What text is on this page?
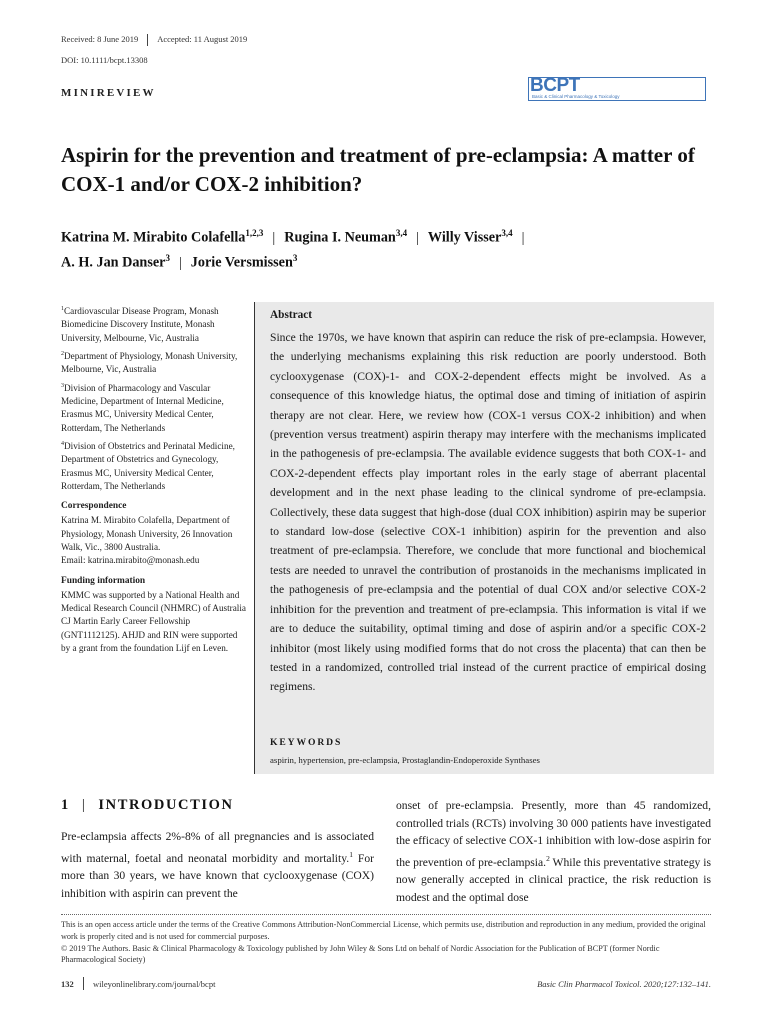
Received: 8 June 2019 Accepted: 11 August 2019
DOI: 10.1111/bcpt.13308
MINIREVIEW	BCPT
Basic & Clinical Pharmacology & Toxicology
Aspirin for the prevention and treatment of pre-eclampsia: A matter of COX-1 and/or COX-2 inhibition?
Katrina M. Mirabito Colafella$^{1,2,3}$ | Rugina I. Neuman$^{3,4}$ | Willy Visser$^{3,4}$ |
A. H. Jan Danser$^3$ | Jorie Versmissen$^3$

$^1$Cardiovascular Disease Program, Monash Biomedicine Discovery Institute, Monash University, Melbourne, Vic, Australia

$^2$Department of Physiology, Monash University, Melbourne, Vic, Australia

$^3$Division of Pharmacology and Vascular Medicine, Department of Internal Medicine, Erasmus MC, University Medical Center, Rotterdam, The Netherlands

$^4$Division of Obstetrics and Perinatal Medicine, Department of Obstetrics and Gynecology, Erasmus MC, University Medical Center, Rotterdam, The Netherlands

Correspondence

Katrina M. Mirabito Colafella, Department of Physiology, Monash University, 26 Innovation Walk, Vic., 3800 Australia.
Email: katrina.mirabito@monash.edu

Funding information

KMMC was supported by a National Health and Medical Research Council (NHMRC) of Australia CJ Martin Early Career Fellowship (GNT1112125). AHJD and RIN were supported by a grant from the foundation Lijf en Leven.

Abstract

Since the 1970s, we have known that aspirin can reduce the risk of pre-eclampsia. However, the underlying mechanisms explaining this risk reduction are poorly understood. Both cyclooxygenase (COX)-1- and COX-2-dependent effects might be involved. As a consequence of this knowledge hiatus, the optimal dose and timing of initiation of aspirin therapy are not clear. Here, we review how (COX-1 versus COX-2 inhibition) and when (prevention versus treatment) aspirin therapy may interfere with the mechanisms implicated in the pathogenesis of pre-eclampsia. The available evidence suggests that both COX-1- and COX-2-dependent effects play important roles in the early stage of aberrant placental development and in the next phase leading to the clinical syndrome of pre-eclampsia. Collectively, these data suggest that high-dose (dual COX inhibition) aspirin may be superior to standard low-dose (selective COX-1 inhibition) aspirin for the prevention and also treatment of pre-eclampsia. Therefore, we conclude that more functional and biochemical tests are needed to unravel the contribution of prostanoids in the mechanisms implicated in the pathogenesis of pre-eclampsia and the potential of dual COX and/or selective COX-2 inhibition for the prevention and treatment of pre-eclampsia. This information is vital if we are to deduce the suitability, optimal timing and dose of aspirin and/or a specific COX-2 inhibitor (most likely using modified forms that do not cross the placenta) that can then be tested in a randomized, controlled trial instead of the current practice of empirical dosing regimens.

KEYWORDS
aspirin, hypertension, pre-eclampsia, Prostaglandin-Endoperoxide Synthases
1 | INTRODUCTION

Pre-eclampsia affects 2%-8% of all pregnancies and is associated with maternal, foetal and neonatal morbidity and mortality.$^1$ For more than 30 years, we have known that cyclooxygenase (COX) inhibition with aspirin can prevent the

onset of pre-eclampsia. Presently, more than 45 randomized, controlled trials (RCTs) involving 30 000 patients have investigated the efficacy of selective COX-1 inhibition with low-dose aspirin for the prevention of pre-eclampsia.$^2$ While this preventative strategy is now generally accepted in clinical practice, the risk reduction is modest and the optimal dose

This is an open access article under the terms of the Creative Commons Attribution-NonCommercial License, which permits use, distribution and reproduction in any medium, provided the original work is properly cited and is not used for commercial purposes.

© 2019 The Authors. Basic & Clinical Pharmacology & Toxicology published by John Wiley & Sons Ltd on behalf of Nordic Association for the Publication of BCPT (former Nordic Pharmacological Society)

132 wileyonlinelibrary.com/journal/bcpt	Basic Clin Pharmacol Toxicol. 2020;127:132–141.
